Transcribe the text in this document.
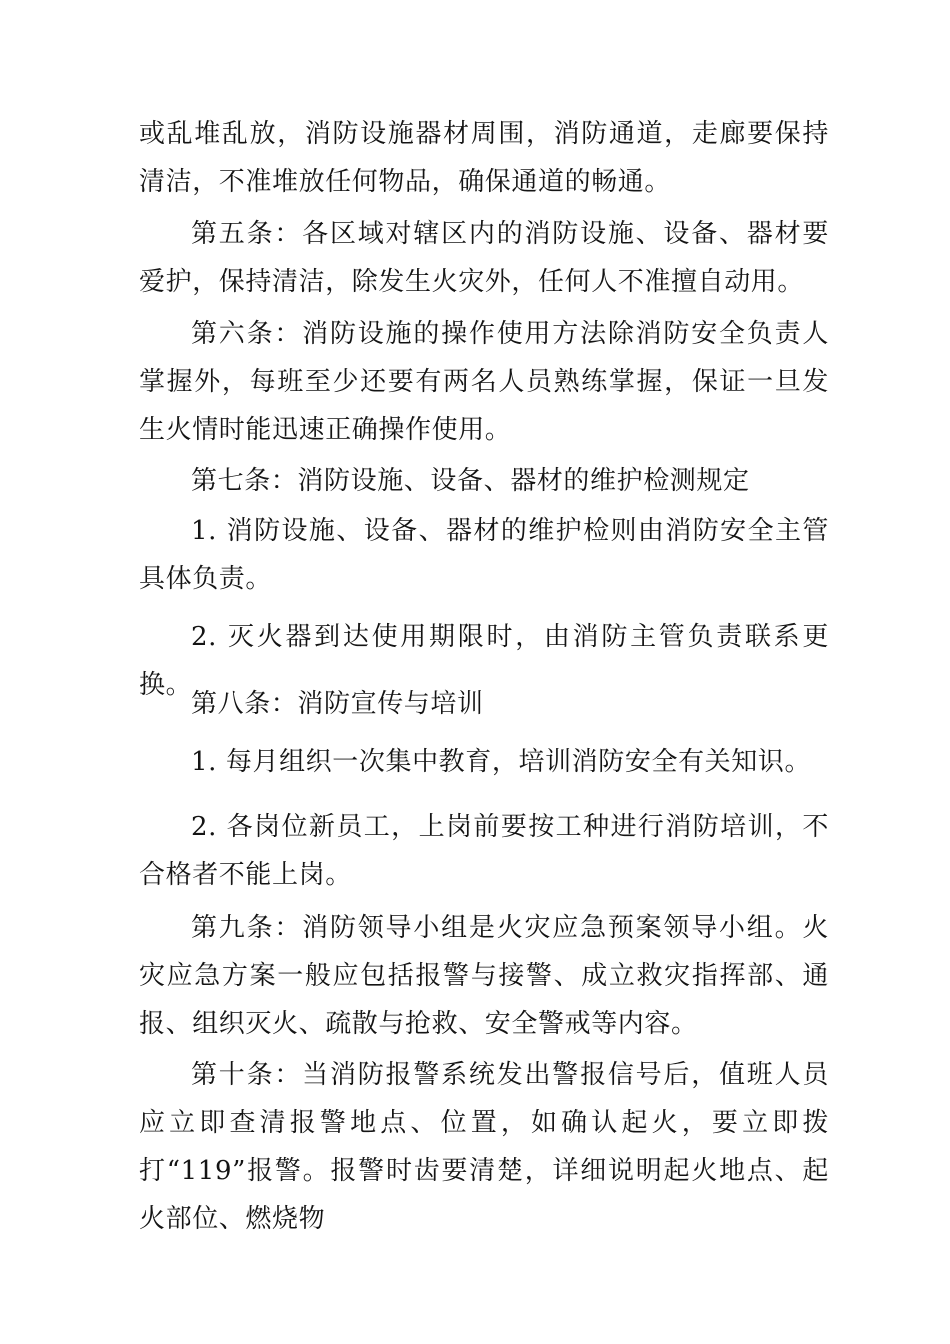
或乱堆乱放，消防设施器材周围，消防通道，走廊要保持清洁，不准堆放任何物品，确保通道的畅通。

第五条：各区域对辖区内的消防设施、设备、器材要爱护，保持清洁，除发生火灾外，任何人不准擅自动用。

第六条：消防设施的操作使用方法除消防安全负责人掌握外，每班至少还要有两名人员熟练掌握，保证一旦发生火情时能迅速正确操作使用。

第七条：消防设施、设备、器材的维护检测规定

1. 消防设施、设备、器材的维护检则由消防安全主管具体负责。

2. 灭火器到达使用期限时，由消防主管负责联系更换。

第八条：消防宣传与培训

1. 每月组织一次集中教育，培训消防安全有关知识。

2. 各岗位新员工，上岗前要按工种进行消防培训，不合格者不能上岗。

第九条：消防领导小组是火灾应急预案领导小组。火灾应急方案一般应包括报警与接警、成立救灾指挥部、通报、组织灭火、疏散与抢救、安全警戒等内容。

第十条：当消防报警系统发出警报信号后，值班人员应立即查清报警地点、位置，如确认起火，要立即拨打“119”报警。报警时齿要清楚，详细说明起火地点、起火部位、燃烧物
